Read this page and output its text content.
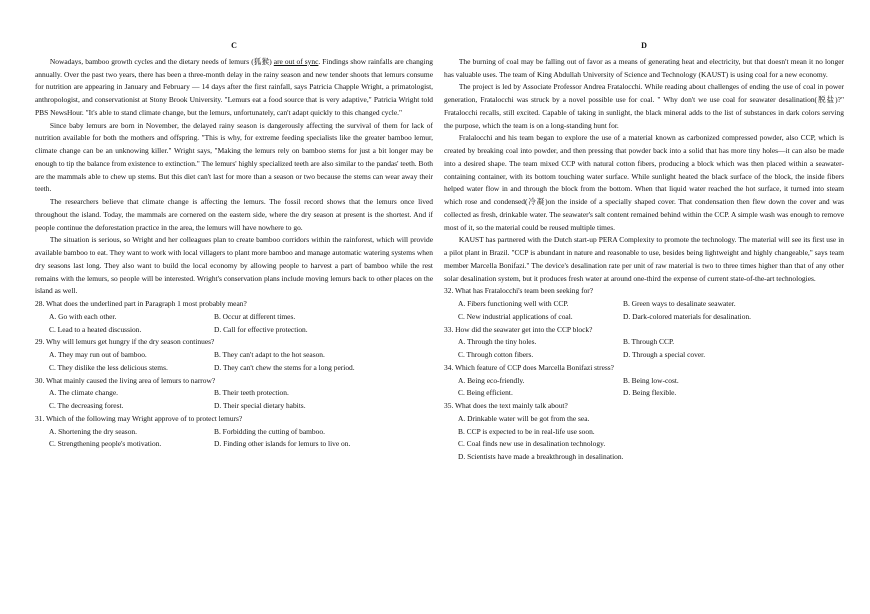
C

Nowadays, bamboo growth cycles and the dietary needs of lemurs (狐猴) are out of sync. Findings show rainfalls are changing annually. Over the past two years, there has been a three-month delay in the rainy season and new tender shoots that lemurs consume for nutrition are appearing in January and February — 14 days after the first rainfall, says Patricia Chapple Wright, a primatologist, anthropologist, and conservationist at Stony Brook University. "Lemurs eat a food source that is very adaptive," Patricia Wright told PBS NewsHour. "It's able to stand climate change, but the lemurs, unfortunately, can't adapt quickly to this changed cycle."

Since baby lemurs are born in November, the delayed rainy season is dangerously affecting the survival of them for lack of nutrition available for both the mothers and offspring. "This is why, for extreme feeding specialists like the greater bamboo lemur, climate change can be an unknowing killer." Wright says, "Making the lemurs rely on bamboo stems for just a bit longer may be enough to tip the balance from existence to extinction." The lemurs' highly specialized teeth are also similar to the pandas' teeth. Both are the mammals able to chew up stems. But this diet can't last for more than a season or two because the stems can wear away their teeth.

The researchers believe that climate change is affecting the lemurs. The fossil record shows that the lemurs once lived throughout the island. Today, the mammals are cornered on the eastern side, where the dry season at present is the shortest. And if people continue the deforestation practice in the area, the lemurs will have nowhere to go.

The situation is serious, so Wright and her colleagues plan to create bamboo corridors within the rainforest, which will provide available bamboo to eat. They want to work with local villagers to plant more bamboo and manage automatic watering systems when dry seasons last long. They also want to build the local economy by allowing people to harvest a part of bamboo while the rest remains with the lemurs, so people will be interested. Wright's conservation plans include moving lemurs back to other places on the island as well.

28. What does the underlined part in Paragraph 1 most probably mean?
A. Go with each other.	B. Occur at different times.
C. Lead to a heated discussion.	D. Call for effective protection.
29. Why will lemurs get hungry if the dry season continues?
A. They may run out of bamboo.	B. They can't adapt to the hot season.
C. They dislike the less delicious stems.	D. They can't chew the stems for a long period.
30. What mainly caused the living area of lemurs to narrow?
A. The climate change.	B. Their teeth protection.
C. The decreasing forest.	D. Their special dietary habits.
31. Which of the following may Wright approve of to protect lemurs?
A. Shortening the dry season.	B. Forbidding the cutting of bamboo.
C. Strengthening people's motivation.	D. Finding other islands for lemurs to live on.
D

The burning of coal may be falling out of favor as a means of generating heat and electricity, but that doesn't mean it no longer has valuable uses. The team of King Abdullah University of Science and Technology (KAUST) is using coal for a new economy.

The project is led by Associate Professor Andrea Fratalocchi. While reading about challenges of ending the use of coal in power generation, Fratalocchi was struck by a novel possible use for coal. " Why don't we use coal for seawater desalination(脱盐)?" Fratalocchi recalls, still excited. Capable of taking in sunlight, the black mineral adds to the list of substances in dark colors serving the purpose, which the team is on a long-standing hunt for.

Fralalocchi and his team began to explore the use of a material known as carbonized compressed powder, also CCP, which is created by breaking coal into powder, and then pressing that powder back into a solid that has more tiny holes—it can also be made into a desired shape. The team mixed CCP with natural cotton fibers, producing a block which was then placed within a seawater-containing container, with its bottom touching water surface. While sunlight heated the black surface of the block, the inside fibers helped water flow in and through the block from the bottom. When that liquid water reached the hot surface, it turned into steam which rose and condensed(冷凝)on the inside of a specially shaped cover. That condensation then flew down the cover and was collected as fresh, drinkable water. The seawater's salt content remained behind within the CCP. A simple wash was enough to remove most of it, so the material could be reused multiple times.

KAUST has partnered with the Dutch start-up PERA Complexity to promote the technology. The material will see its first use in a pilot plant in Brazil. "CCP is abundant in nature and reasonable to use, besides being lightweight and highly changeable," says team member Marcella Bonifazi." The device's desalination rate per unit of raw material is two to three times higher than that of any other solar desalination system, but it produces fresh water at around one-third the expense of current state-of-the-art technologies.

32. What has Fratalocchi's team been seeking for?
A. Fibers functioning well with CCP.	B. Green ways to desalinate seawater.
C. New industrial applications of coal.	D. Dark-colored materials for desalination.
33. How did the seawater get into the CCP block?
A. Through the tiny holes.	B. Through CCP.
C. Through cotton fibers.	D. Through a special cover.
34. Which feature of CCP does Marcella Bonifazi stress?
A. Being eco-friendly.	B. Being low-cost.
C. Being efficient.	D. Being flexible.
35. What does the text mainly talk about?
A. Drinkable water will be got from the sea.
B. CCP is expected to be in real-life use soon.
C. Coal finds new use in desalination technology.
D. Scientists have made a breakthrough in desalination.
